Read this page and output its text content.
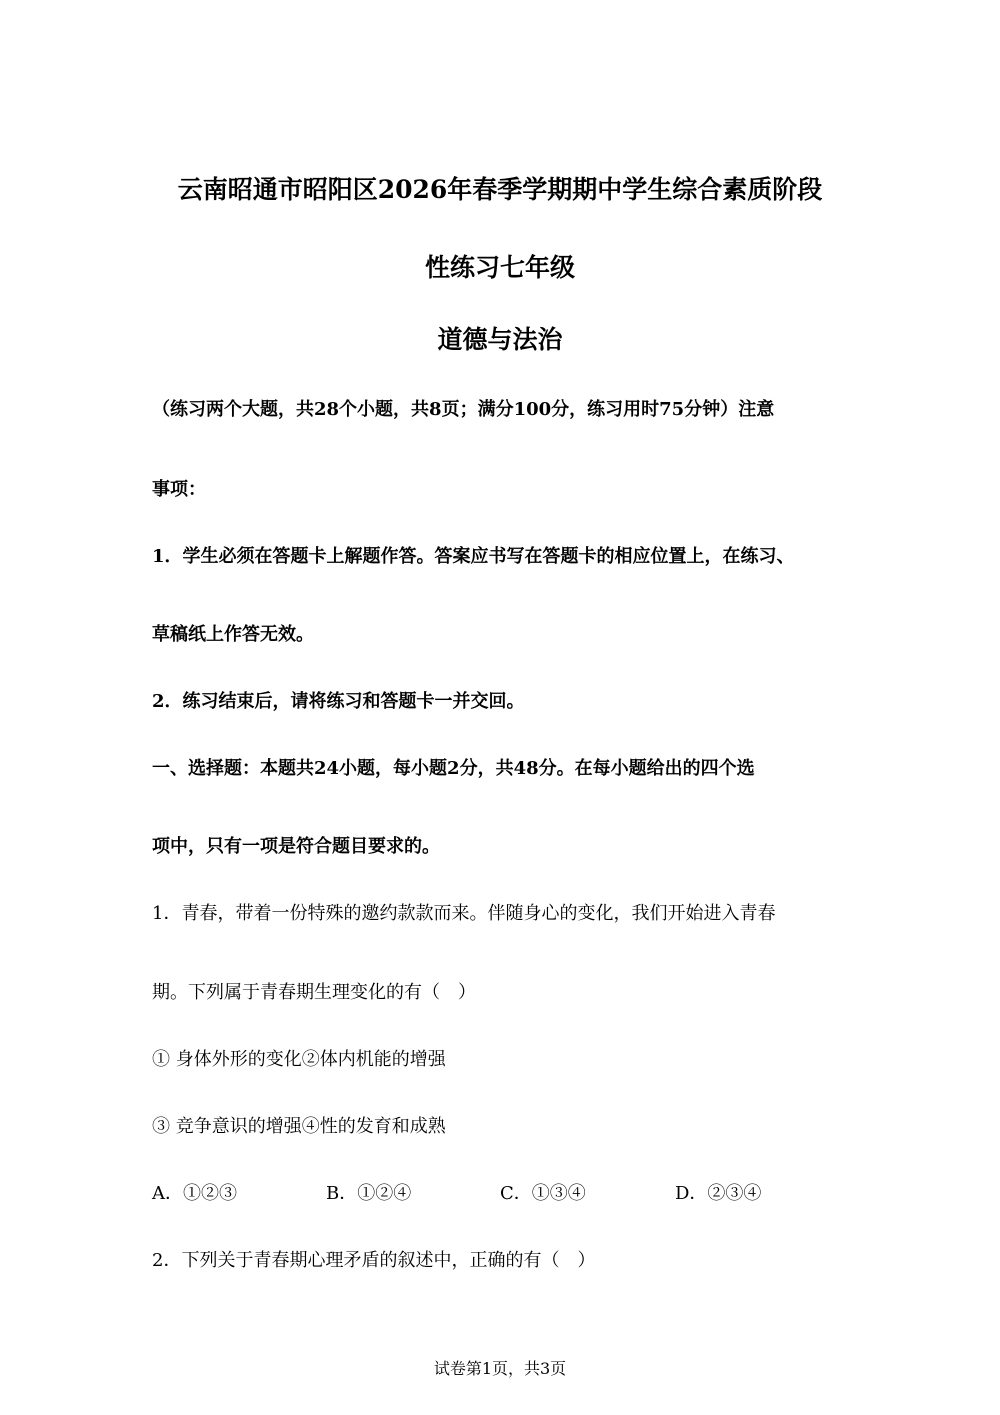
云南昭通市昭阳区2026年春季学期期中学生综合素质阶段
性练习七年级
道德与法治
（练习两个大题，共28个小题，共8页；满分100分，练习用时75分钟）注意
事项：
1．学生必须在答题卡上解题作答。答案应书写在答题卡的相应位置上，在练习、
草稿纸上作答无效。
2．练习结束后，请将练习和答题卡一并交回。
一、选择题：本题共24小题，每小题2分，共48分。在每小题给出的四个选
项中，只有一项是符合题目要求的。
1．青春，带着一份特殊的邀约款款而来。伴随身心的变化，我们开始进入青春
期。下列属于青春期生理变化的有（　）
① 身体外形的变化②体内机能的增强
③ 竞争意识的增强④性的发育和成熟
A．①②③	B．①②④	C．①③④	D．②③④
2．下列关于青春期心理矛盾的叙述中，正确的有（　）
试卷第1页，共3页
